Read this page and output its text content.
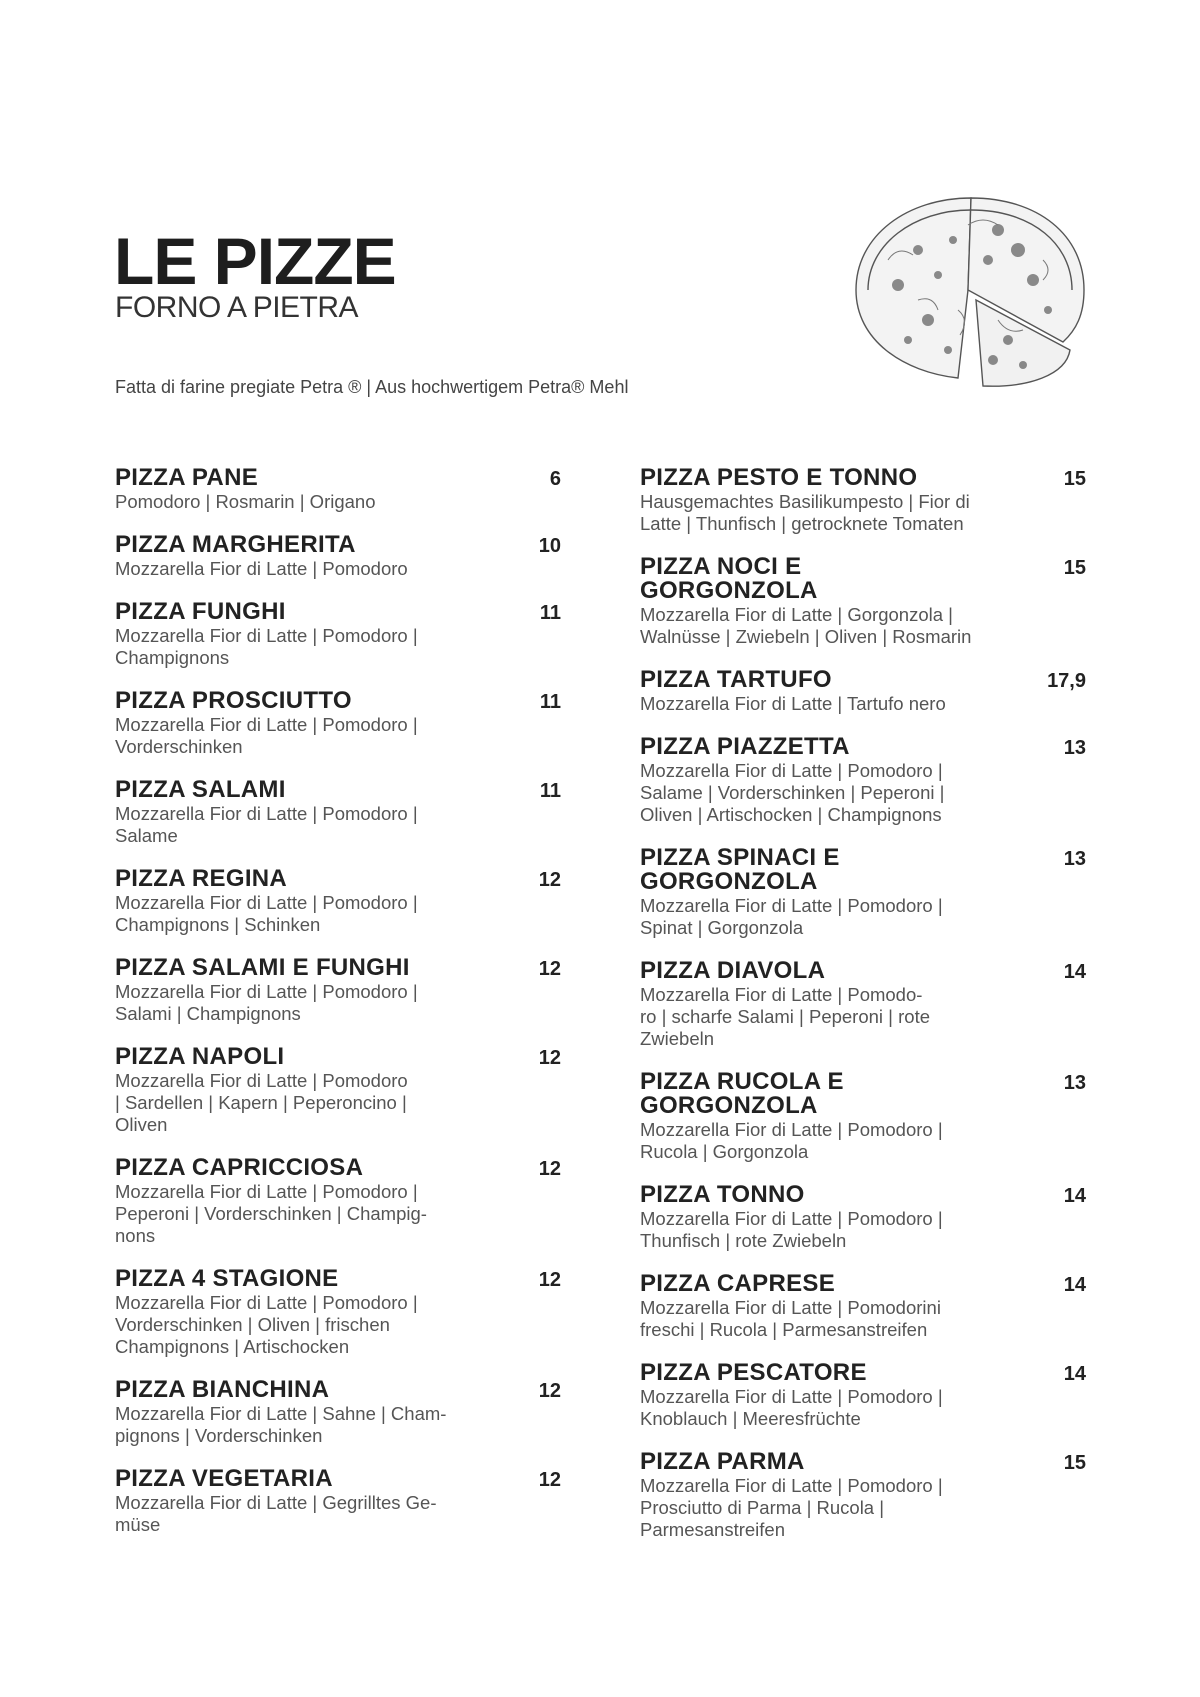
LE PIZZE
FORNO A PIETRA
Fatta di farine pregiate Petra ® | Aus hochwertigem Petra® Mehl
PIZZA PANE	6
Pomodoro | Rosmarin | Origano
PIZZA MARGHERITA	10
Mozzarella Fior di Latte | Pomodoro
PIZZA FUNGHI	11
Mozzarella Fior di Latte | Pomodoro |
Champignons
PIZZA PROSCIUTTO	11
Mozzarella Fior di Latte | Pomodoro |
Vorderschinken
PIZZA SALAMI	11
Mozzarella Fior di Latte | Pomodoro |
Salame
PIZZA REGINA	12
Mozzarella Fior di Latte | Pomodoro |
Champignons | Schinken
PIZZA SALAMI E FUNGHI	12
Mozzarella Fior di Latte | Pomodoro |
Salami | Champignons
PIZZA NAPOLI	12
Mozzarella Fior di Latte | Pomodoro
| Sardellen | Kapern | Peperoncino |
Oliven
PIZZA CAPRICCIOSA	12
Mozzarella Fior di Latte | Pomodoro |
Peperoni | Vorderschinken | Champig-
nons
PIZZA 4 STAGIONE	12
Mozzarella Fior di Latte | Pomodoro |
Vorderschinken | Oliven | frischen
Champignons | Artischocken
PIZZA BIANCHINA	12
Mozzarella Fior di Latte | Sahne | Cham-
pignons | Vorderschinken
PIZZA VEGETARIA	12
Mozzarella Fior di Latte | Gegrilltes Ge-
müse
PIZZA PESTO E TONNO	15
Hausgemachtes Basilikumpesto | Fior di
Latte | Thunfisch | getrocknete Tomaten
PIZZA NOCI E
GORGONZOLA
15
Mozzarella Fior di Latte | Gorgonzola |
Walnüsse | Zwiebeln | Oliven | Rosmarin
PIZZA TARTUFO	17,9
Mozzarella Fior di Latte | Tartufo nero
PIZZA PIAZZETTA	13
Mozzarella Fior di Latte | Pomodoro |
Salame | Vorderschinken | Peperoni |
Oliven | Artischocken | Champignons
PIZZA SPINACI E
GORGONZOLA
13
Mozzarella Fior di Latte | Pomodoro |
Spinat | Gorgonzola
PIZZA DIAVOLA	14
Mozzarella Fior di Latte | Pomodo-
ro | scharfe Salami | Peperoni | rote
Zwiebeln
PIZZA RUCOLA E
GORGONZOLA
13
Mozzarella Fior di Latte | Pomodoro |
Rucola | Gorgonzola
PIZZA TONNO	14
Mozzarella Fior di Latte | Pomodoro |
Thunfisch | rote Zwiebeln
PIZZA CAPRESE	14
Mozzarella Fior di Latte | Pomodorini
freschi | Rucola | Parmesanstreifen
PIZZA PESCATORE	14
Mozzarella Fior di Latte | Pomodoro |
Knoblauch | Meeresfrüchte
PIZZA PARMA	15
Mozzarella Fior di Latte | Pomodoro |
Prosciutto di Parma | Rucola |
Parmesanstreifen
